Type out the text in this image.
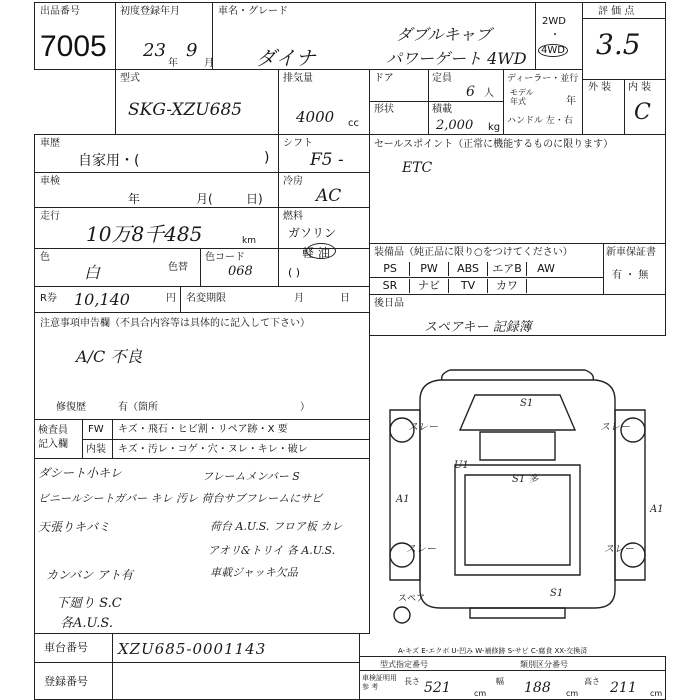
出品番号
7005
初度登録年月
23
年
9
月
車名・グレード
ダイナ
ダブルキャブ
パワーゲート 4WD
2WD
・
4WD
評 価 点
3.5
型式
SKG-XZU685
排気量
4000 cc
ドア	定員
6 人
形状	積載
2,000 kg
ディーラー・並行
モデル
年式	年
ハンドル 左・右
外 装 内 装
C
車歴
自家用・(	)
シフト
F5 -
車検
年	月(	日)
冷房
AC
走行
10万8千485	km
燃料
ガソリン
軽 油
( )
色
白	色替
色コード
068
R券 10,140	円 名変期限	月	日
注意事項申告欄（不具合内容等は具体的に記入して下さい）
A/C 不良
修復歴	有（箇所	）
セールスポイント（正常に機能するものに限ります）
ETC
装備品（純正品に限り○をつけてください）
PS PW ABS エアB AW
SR ナビ TV カワ
新車保証書
有 ・ 無
後日品
スペアキー 記録簿
検査員
記入欄
FW キズ・飛石・ヒビ割・リペア跡・X 要
内装 キズ・汚レ・コゲ・穴・ヌレ・キレ・破レ
ダシート小キレ
ビニールシートガバー キレ 汚レ 荷台サブフレームにサビ
天張りキバミ
カンバン アト有
下廻り S.C
各A.U.S.
フレームメンバー S
荷台 A.U.S. フロア板 カレ
アオリ&トリイ 各 A.U.S.
車載ジャッキ欠品
S1
U1
S1 多
スレー	スレー
スレー	スレー
A1
A1
S1
スペア
A-キズ E-エクボ U-凹み W-補修跡 S-サビ C-腐食 XX-交換済
車台番号 XZU685-0001143
登録番号
型式指定番号	類別区分番号
車検証明用
参 考
長さ 521	cm
幅 188 cm
高さ 211 cm
